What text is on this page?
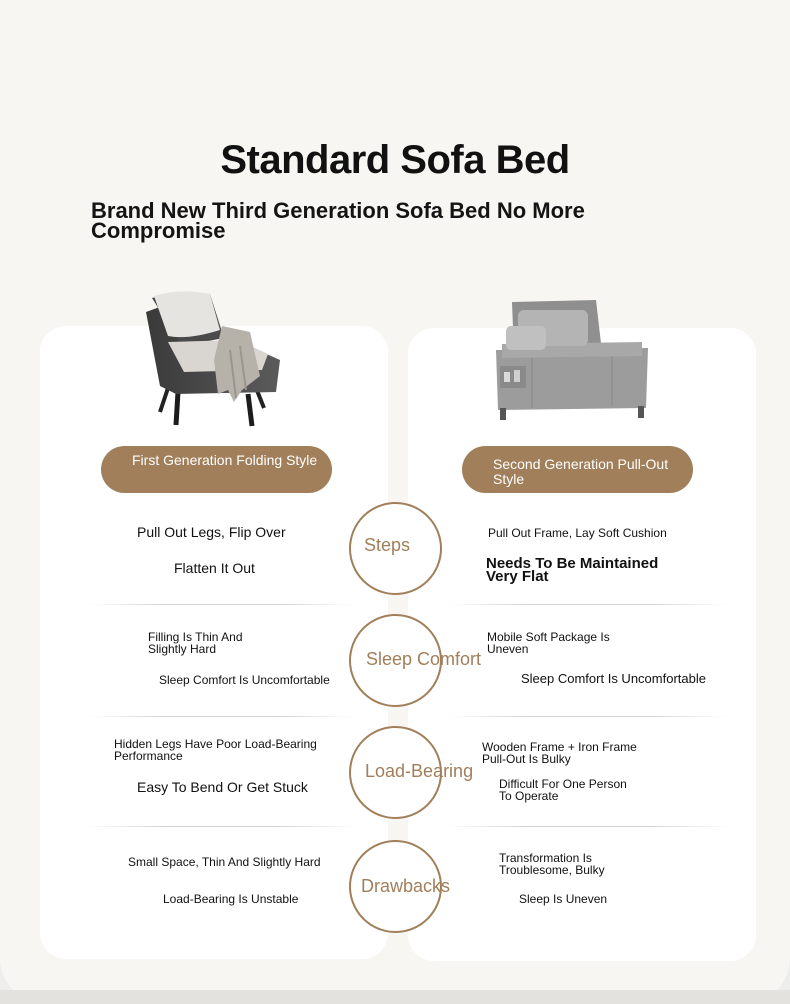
Standard Sofa Bed
Brand New Third Generation Sofa Bed No More Compromise
First Generation Folding Style	Second Generation Pull-Out Style
Steps
Pull Out Legs, Flip Over
Flatten It Out
Pull Out Frame, Lay Soft Cushion
Needs To Be Maintained Very Flat
Sleep Comfort
Filling Is Thin And Slightly Hard
Sleep Comfort Is Uncomfortable
Mobile Soft Package Is Uneven
Sleep Comfort Is Uncomfortable
Load-Bearing
Hidden Legs Have Poor Load-Bearing Performance
Easy To Bend Or Get Stuck
Wooden Frame + Iron Frame Pull-Out Is Bulky
Difficult For One Person To Operate
Drawbacks
Small Space, Thin And Slightly Hard
Load-Bearing Is Unstable
Transformation Is Troublesome, Bulky
Sleep Is Uneven
